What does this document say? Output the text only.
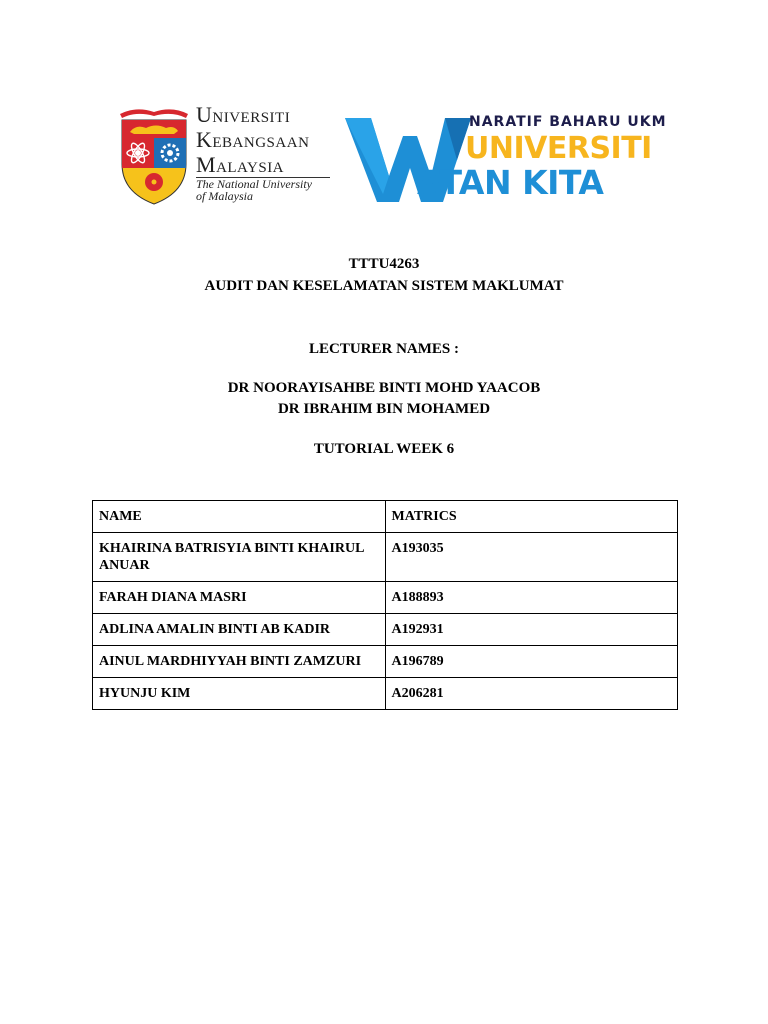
UNIVERSITI
KEBANGSAAN
MALAYSIA
The National University
of Malaysia
NARATIF BAHARU UKM
UNIVERSITI
ATAN KITA
TTTU4263
AUDIT DAN KESELAMATAN SISTEM MAKLUMAT
LECTURER NAMES :
DR NOORAYISAHBE BINTI MOHD YAACOB
DR IBRAHIM BIN MOHAMED
TUTORIAL WEEK 6
NAME	MATRICS
KHAIRINA BATRISYIA BINTI KHAIRUL ANUAR	A193035
FARAH DIANA MASRI	A188893
ADLINA AMALIN BINTI AB KADIR	A192931
AINUL MARDHIYYAH BINTI ZAMZURI	A196789
HYUNJU KIM	A206281
